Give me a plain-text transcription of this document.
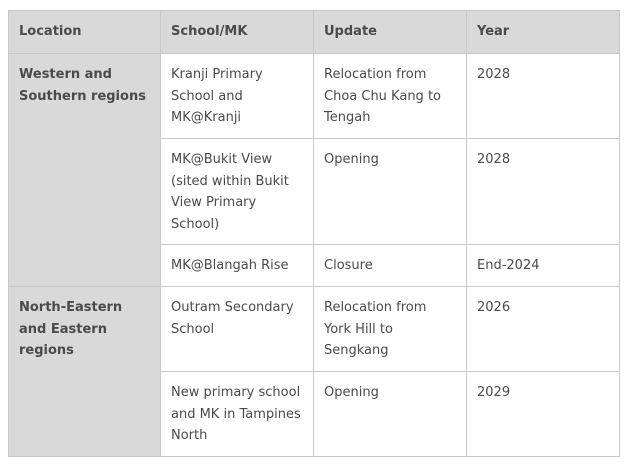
Location	School/MK	Update	Year
Western and Southern regions	Kranji Primary School and MK@Kranji	Relocation from Choa Chu Kang to Tengah	2028
	MK@Bukit View (sited within Bukit View Primary School)	Opening	2028
	MK@Blangah Rise	Closure	End-2024
North-Eastern and Eastern regions	Outram Secondary School	Relocation from York Hill to Sengkang	2026
	New primary school and MK in Tampines North	Opening	2029
